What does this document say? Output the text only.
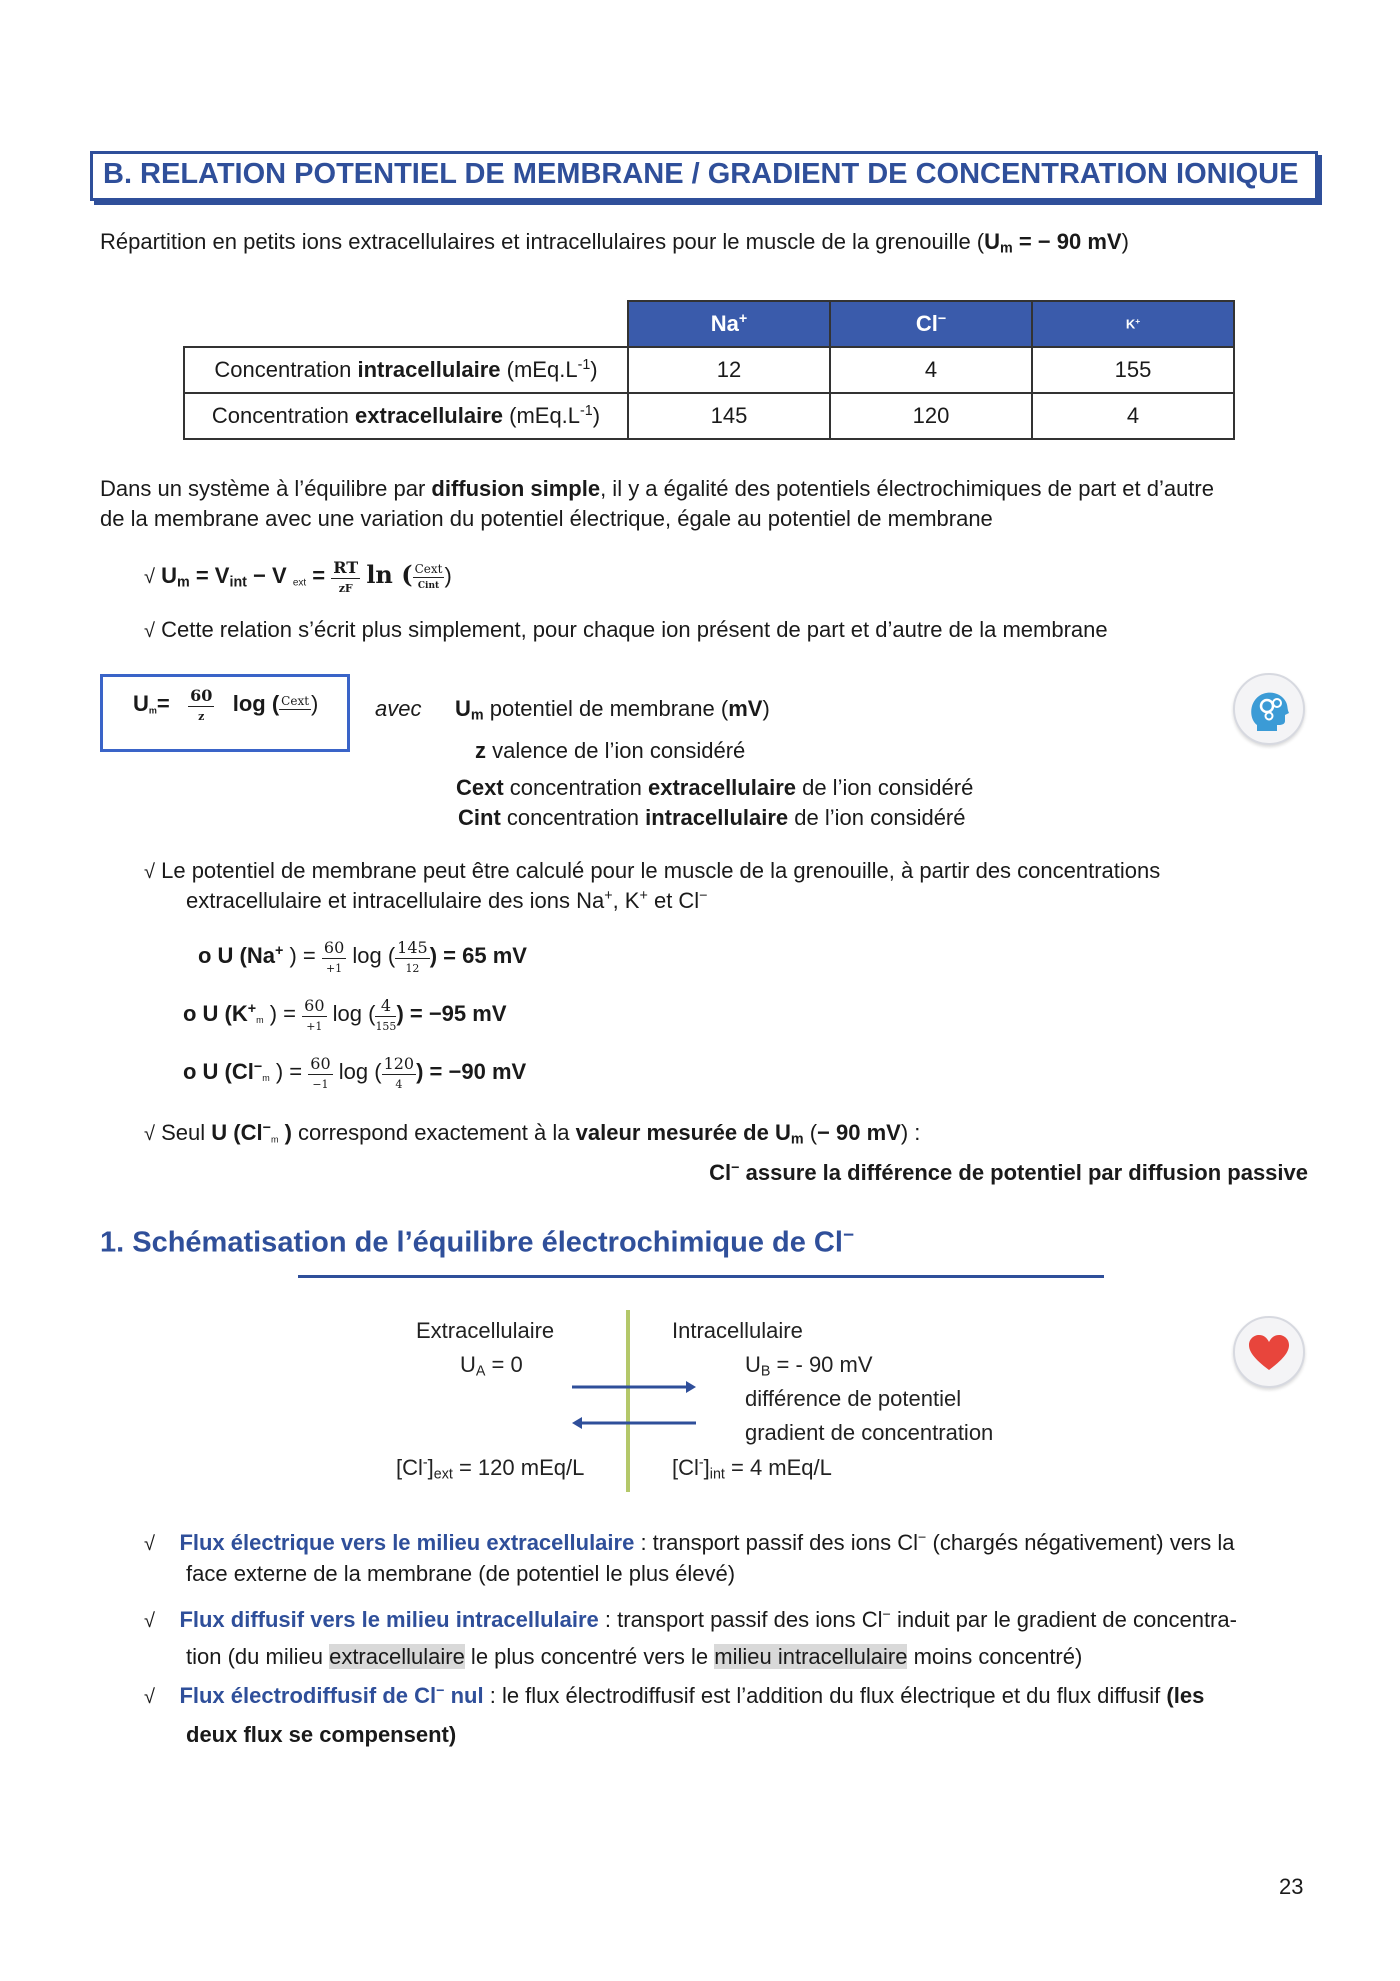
B. RELATION POTENTIEL DE MEMBRANE / GRADIENT DE CONCENTRATION IONIQUE
Répartition en petits ions extracellulaires et intracellulaires pour le muscle de la grenouille ($U_m$ = − 90 mV)
	Na+	Cl−	K+
Concentration intracellulaire $(mEq.L^{-1})$	12	4	155
Concentration extracellulaire $(mEq.L^{-1})$	145	120	4
Dans un système à l’équilibre par diffusion simple, il y a égalité des potentiels électrochimiques de part et d’autre
de la membrane avec une variation du potentiel électrique, égale au potentiel de membrane
√ $U_m = V_{int} - V$ $_{ext} = \frac{RT}{zF}$ ln ( $\frac{\text{Cext}}{\text{Cint}}$ )
√ Cette relation s’écrit plus simplement, pour chaque ion présent de part et d’autre de la membrane
$U_m= \frac{60}{z}$ log ( Cext )	avec $U_m$ potentiel de membrane (mV)
z valence de l’ion considéré
Cext concentration extracellulaire de l’ion considéré
Cint concentration intracellulaire de l’ion considéré
√ Le potentiel de membrane peut être calculé pour le muscle de la grenouille, à partir des concentrations
extracellulaire et intracellulaire des ions Na+, K+ et Cl−
o U (Na+ ) = $\frac{60}{+1}$ log ( $\frac{145}{12}$ ) = 65 mV
o U ($K^+_m$ ) = $\frac{60}{+1}$ log ( $\frac{4}{155}$ ) = −95 mV
o U ($Cl^-_m$ ) = $\frac{60}{-1}$ log ( $\frac{120}{4}$ ) = −90 mV
√ Seul U ($Cl^-_m$ ) correspond exactement à la valeur mesurée de $U_m$ (− 90 mV) :
Cl− assure la différence de potentiel par diffusion passive
1. Schématisation de l’équilibre électrochimique de Cl−
Extracellulaire
$U_A = 0$
Intracellulaire
$U_B$ = - 90 mV
différence de potentiel
gradient de concentration
$[Cl^-]_{ext} = 120$ mEq/L	$[Cl^-]_{int} = 4$ mEq/L
√ Flux électrique vers le milieu extracellulaire : transport passif des ions Cl− (chargés négativement) vers la
face externe de la membrane (de potentiel le plus élevé)
√ Flux diffusif vers le milieu intracellulaire : transport passif des ions Cl− induit par le gradient de concentra-
tion (du milieu extracellulaire le plus concentré vers le milieu intracellulaire moins concentré)
√ Flux électrodiffusif de Cl− nul : le flux électrodiffusif est l’addition du flux électrique et du flux diffusif (les
deux flux se compensent)
23
